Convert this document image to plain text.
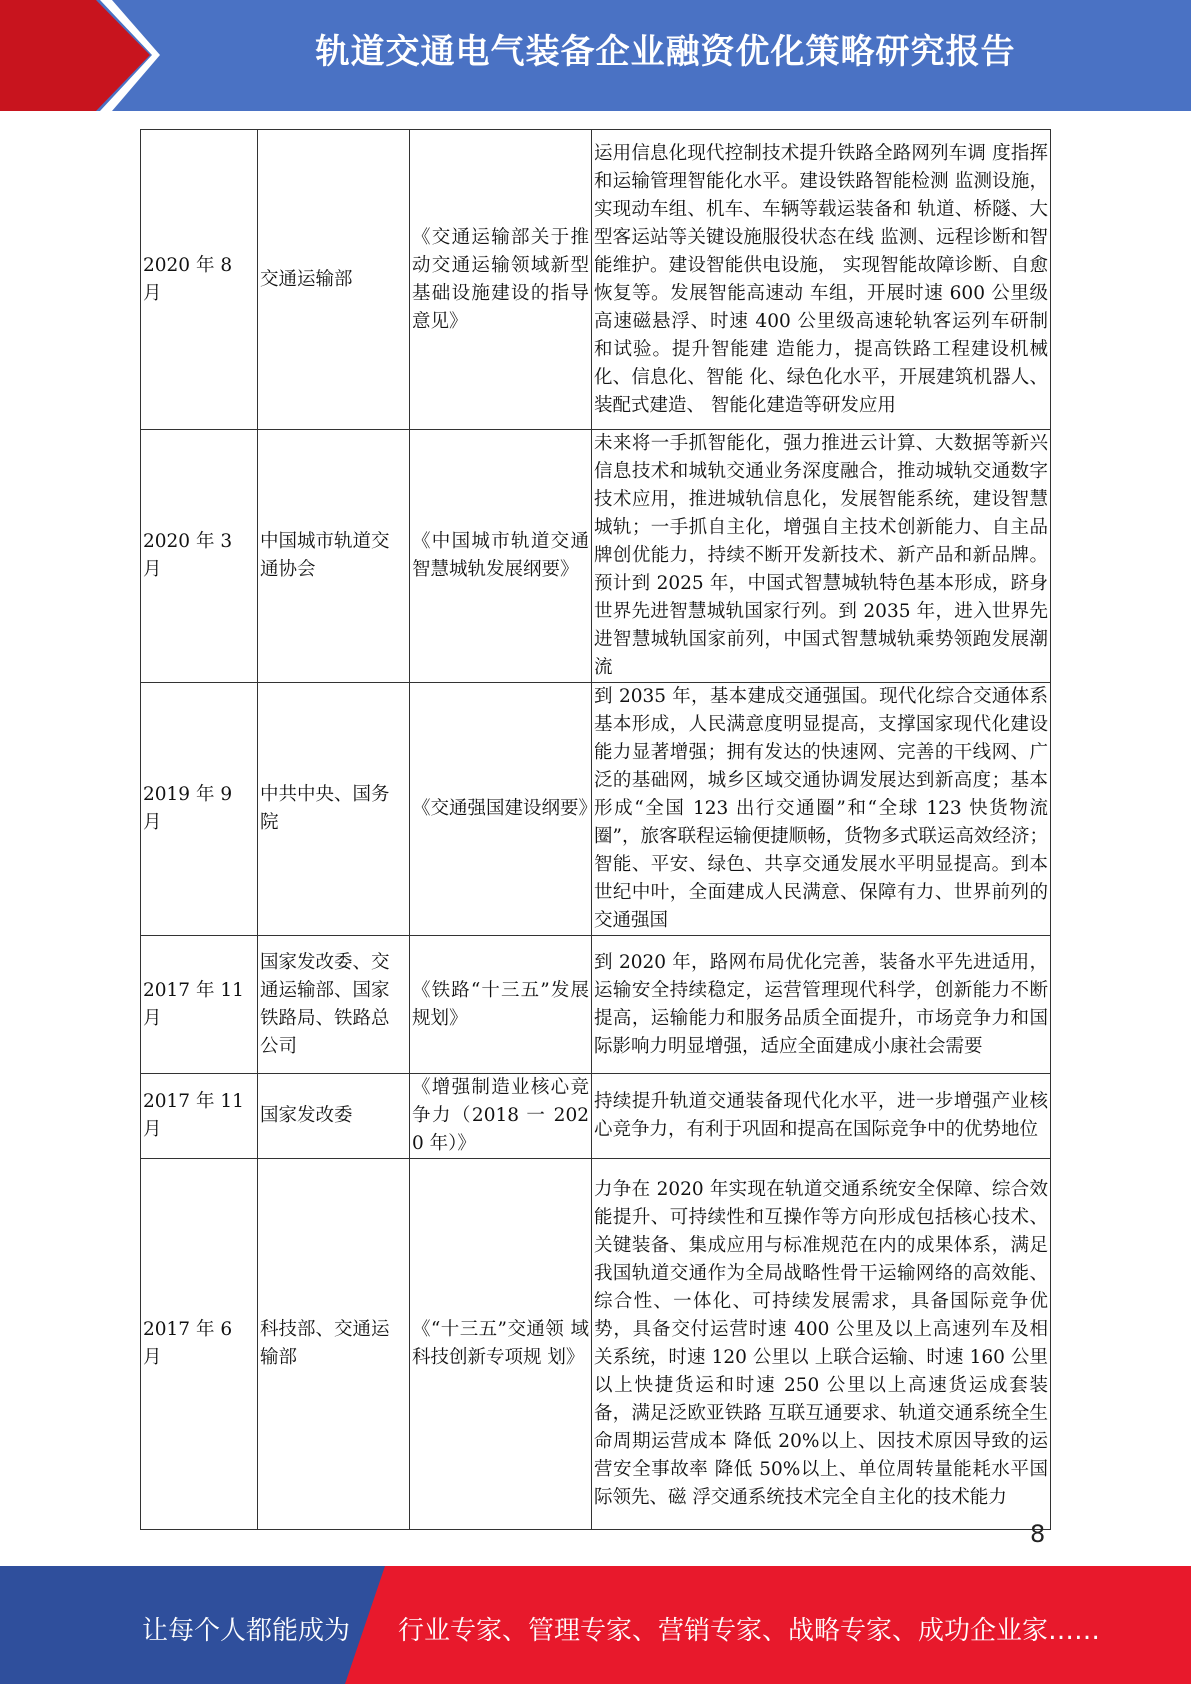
轨道交通电气装备企业融资优化策略研究报告
2020 年 8 月	交通运输部	《交通运输部关于推动交通运输领域新型基础设施建设的指导意见》	运用信息化现代控制技术提升铁路全路网列车调 度指挥和运输管理智能化水平。建设铁路智能检测 监测设施，实现动车组、机车、车辆等载运装备和 轨道、桥隧、大型客运站等关键设施服役状态在线 监测、远程诊断和智能维护。建设智能供电设施， 实现智能故障诊断、自愈恢复等。发展智能高速动 车组，开展时速 600 公里级高速磁悬浮、时速 400 公里级高速轮轨客运列车研制和试验。提升智能建 造能力，提高铁路工程建设机械化、信息化、智能 化、绿色化水平，开展建筑机器人、装配式建造、 智能化建造等研发应用
2020 年 3 月	中国城市轨道交通协会	《中国城市轨道交通智慧城轨发展纲要》	未来将一手抓智能化，强力推进云计算、大数据等新兴信息技术和城轨交通业务深度融合，推动城轨交通数字技术应用，推进城轨信息化，发展智能系统，建设智慧城轨；一手抓自主化，增强自主技术创新能力、自主品牌创优能力，持续不断开发新技术、新产品和新品牌。预计到 2025 年，中国式智慧城轨特色基本形成，跻身世界先进智慧城轨国家行列。到 2035 年，进入世界先进智慧城轨国家前列，中国式智慧城轨乘势领跑发展潮流
2019 年 9 月	中共中央、国务院	《交通强国建设纲要》	到 2035 年，基本建成交通强国。现代化综合交通体系基本形成，人民满意度明显提高，支撑国家现代化建设能力显著增强；拥有发达的快速网、完善的干线网、广泛的基础网，城乡区域交通协调发展达到新高度；基本形成“全国 123 出行交通圈”和“全球 123 快货物流圈”，旅客联程运输便捷顺畅，货物多式联运高效经济；智能、平安、绿色、共享交通发展水平明显提高。到本世纪中叶，全面建成人民满意、保障有力、世界前列的交通强国
2017 年 11 月	国家发改委、交通运输部、国家铁路局、铁路总公司	《铁路“十三五”发展规划》	到 2020 年，路网布局优化完善，装备水平先进适用，运输安全持续稳定，运营管理现代科学，创新能力不断提高，运输能力和服务品质全面提升，市场竞争力和国际影响力明显增强，适应全面建成小康社会需要
2017 年 11 月	国家发改委	《增强制造业核心竞争力（2018 一 2020 年）》	持续提升轨道交通装备现代化水平，进一步增强产业核心竞争力，有利于巩固和提高在国际竞争中的优势地位
2017 年 6 月	科技部、交通运输部	《“十三五”交通领 域科技创新专项规 划》	力争在 2020 年实现在轨道交通系统安全保障、综合效能提升、可持续性和互操作等方向形成包括核心技术、关键装备、集成应用与标准规范在内的成果体系，满足我国轨道交通作为全局战略性骨干运输网络的高效能、综合性、一体化、可持续发展需求，具备国际竞争优势，具备交付运营时速 400 公里及以上高速列车及相关系统，时速 120 公里以 上联合运输、时速 160 公里以上快捷货运和时速 250 公里以上高速货运成套装备，满足泛欧亚铁路 互联互通要求、轨道交通系统全生命周期运营成本 降低 20%以上、因技术原因导致的运营安全事故率 降低 50%以上、单位周转量能耗水平国际领先、磁 浮交通系统技术完全自主化的技术能力
8
让每个人都能成为 行业专家、管理专家、营销专家、战略专家、成功企业家……
